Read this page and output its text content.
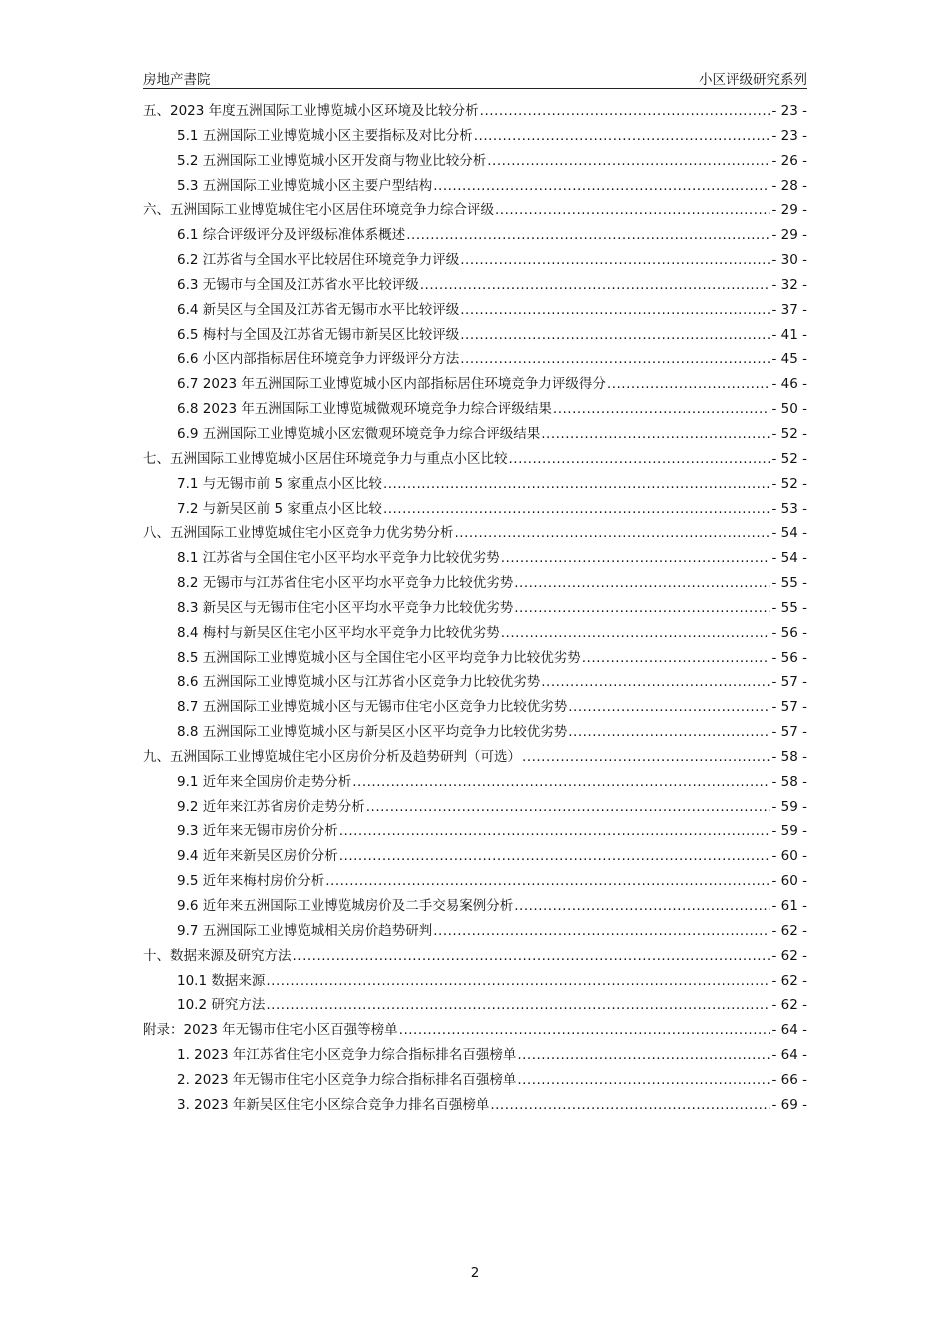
房地产書院	小区评级研究系列
五、2023 年度五洲国际工业博览城小区环境及比较分析 .....	- 23 -
5.1 五洲国际工业博览城小区主要指标及对比分析 .....	- 23 -
5.2 五洲国际工业博览城小区开发商与物业比较分析 .....	- 26 -
5.3 五洲国际工业博览城小区主要户型结构 .....	- 28 -
六、五洲国际工业博览城住宅小区居住环境竞争力综合评级 .....	- 29 -
6.1 综合评级评分及评级标准体系概述 .....	- 29 -
6.2 江苏省与全国水平比较居住环境竞争力评级 .....	- 30 -
6.3 无锡市与全国及江苏省水平比较评级 .....	- 32 -
6.4 新吴区与全国及江苏省无锡市水平比较评级 .....	- 37 -
6.5 梅村与全国及江苏省无锡市新吴区比较评级 .....	- 41 -
6.6 小区内部指标居住环境竞争力评级评分方法 .....	- 45 -
6.7 2023 年五洲国际工业博览城小区内部指标居住环境竞争力评级得分 .....	- 46 -
6.8 2023 年五洲国际工业博览城微观环境竞争力综合评级结果 .....	- 50 -
6.9 五洲国际工业博览城小区宏微观环境竞争力综合评级结果 .....	- 52 -
七、五洲国际工业博览城小区居住环境竞争力与重点小区比较 .....	- 52 -
7.1 与无锡市前 5 家重点小区比较 .....	- 52 -
7.2 与新吴区前 5 家重点小区比较 .....	- 53 -
八、五洲国际工业博览城住宅小区竞争力优劣势分析 .....	- 54 -
8.1 江苏省与全国住宅小区平均水平竞争力比较优劣势 .....	- 54 -
8.2 无锡市与江苏省住宅小区平均水平竞争力比较优劣势 .....	- 55 -
8.3 新吴区与无锡市住宅小区平均水平竞争力比较优劣势 .....	- 55 -
8.4 梅村与新吴区住宅小区平均水平竞争力比较优劣势 .....	- 56 -
8.5 五洲国际工业博览城小区与全国住宅小区平均竞争力比较优劣势 .....	- 56 -
8.6 五洲国际工业博览城小区与江苏省小区竞争力比较优劣势 .....	- 57 -
8.7 五洲国际工业博览城小区与无锡市住宅小区竞争力比较优劣势 .....	- 57 -
8.8 五洲国际工业博览城小区与新吴区小区平均竞争力比较优劣势 .....	- 57 -
九、五洲国际工业博览城住宅小区房价分析及趋势研判（可选） .....	- 58 -
9.1 近年来全国房价走势分析 .....	- 58 -
9.2 近年来江苏省房价走势分析 .....	- 59 -
9.3 近年来无锡市房价分析 .....	- 59 -
9.4 近年来新吴区房价分析 .....	- 60 -
9.5 近年来梅村房价分析 .....	- 60 -
9.6 近年来五洲国际工业博览城房价及二手交易案例分析 .....	- 61 -
9.7 五洲国际工业博览城相关房价趋势研判 .....	- 62 -
十、数据来源及研究方法 .....	- 62 -
10.1 数据来源 .....	- 62 -
10.2 研究方法 .....	- 62 -
附录：2023 年无锡市住宅小区百强等榜单 .....	- 64 -
1. 2023 年江苏省住宅小区竞争力综合指标排名百强榜单 .....	- 64 -
2. 2023 年无锡市住宅小区竞争力综合指标排名百强榜单 .....	- 66 -
3. 2023 年新吴区住宅小区综合竞争力排名百强榜单 .....	- 69 -
2
